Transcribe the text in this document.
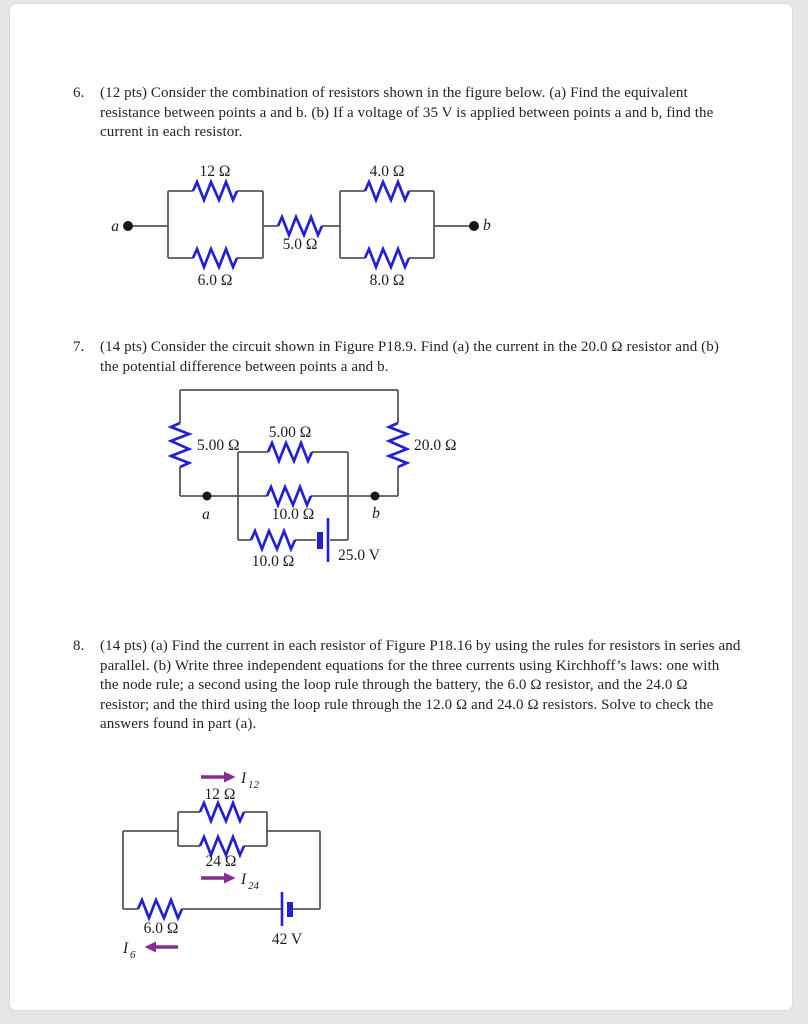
6.	(12 pts) Consider the combination of resistors shown in the figure below. (a) Find the equivalent
resistance between points a and b. (b) If a voltage of 35 V is applied between points a and b, find the
current in each resistor.
a	b
12 Ω
6.0 Ω
5.0 Ω
4.0 Ω
8.0 Ω
7.	(14 pts) Consider the circuit shown in Figure P18.9. Find (a) the current in the 20.0 Ω resistor and (b)
the potential difference between points a and b.
5.00 Ω
5.00 Ω
20.0 Ω
a	b
10.0 Ω
10.0 Ω	25.0 V
8.	(14 pts) (a) Find the current in each resistor of Figure P18.16 by using the rules for resistors in series and
parallel. (b) Write three independent equations for the three currents using Kirchhoff’s laws: one with
the node rule; a second using the loop rule through the battery, the 6.0 Ω resistor, and the 24.0 Ω
resistor; and the third using the loop rule through the 12.0 Ω and 24.0 Ω resistors. Solve to check the
answers found in part (a).
I 12
12 Ω
24 Ω
I 24
6.0 Ω
I 6
42 V
